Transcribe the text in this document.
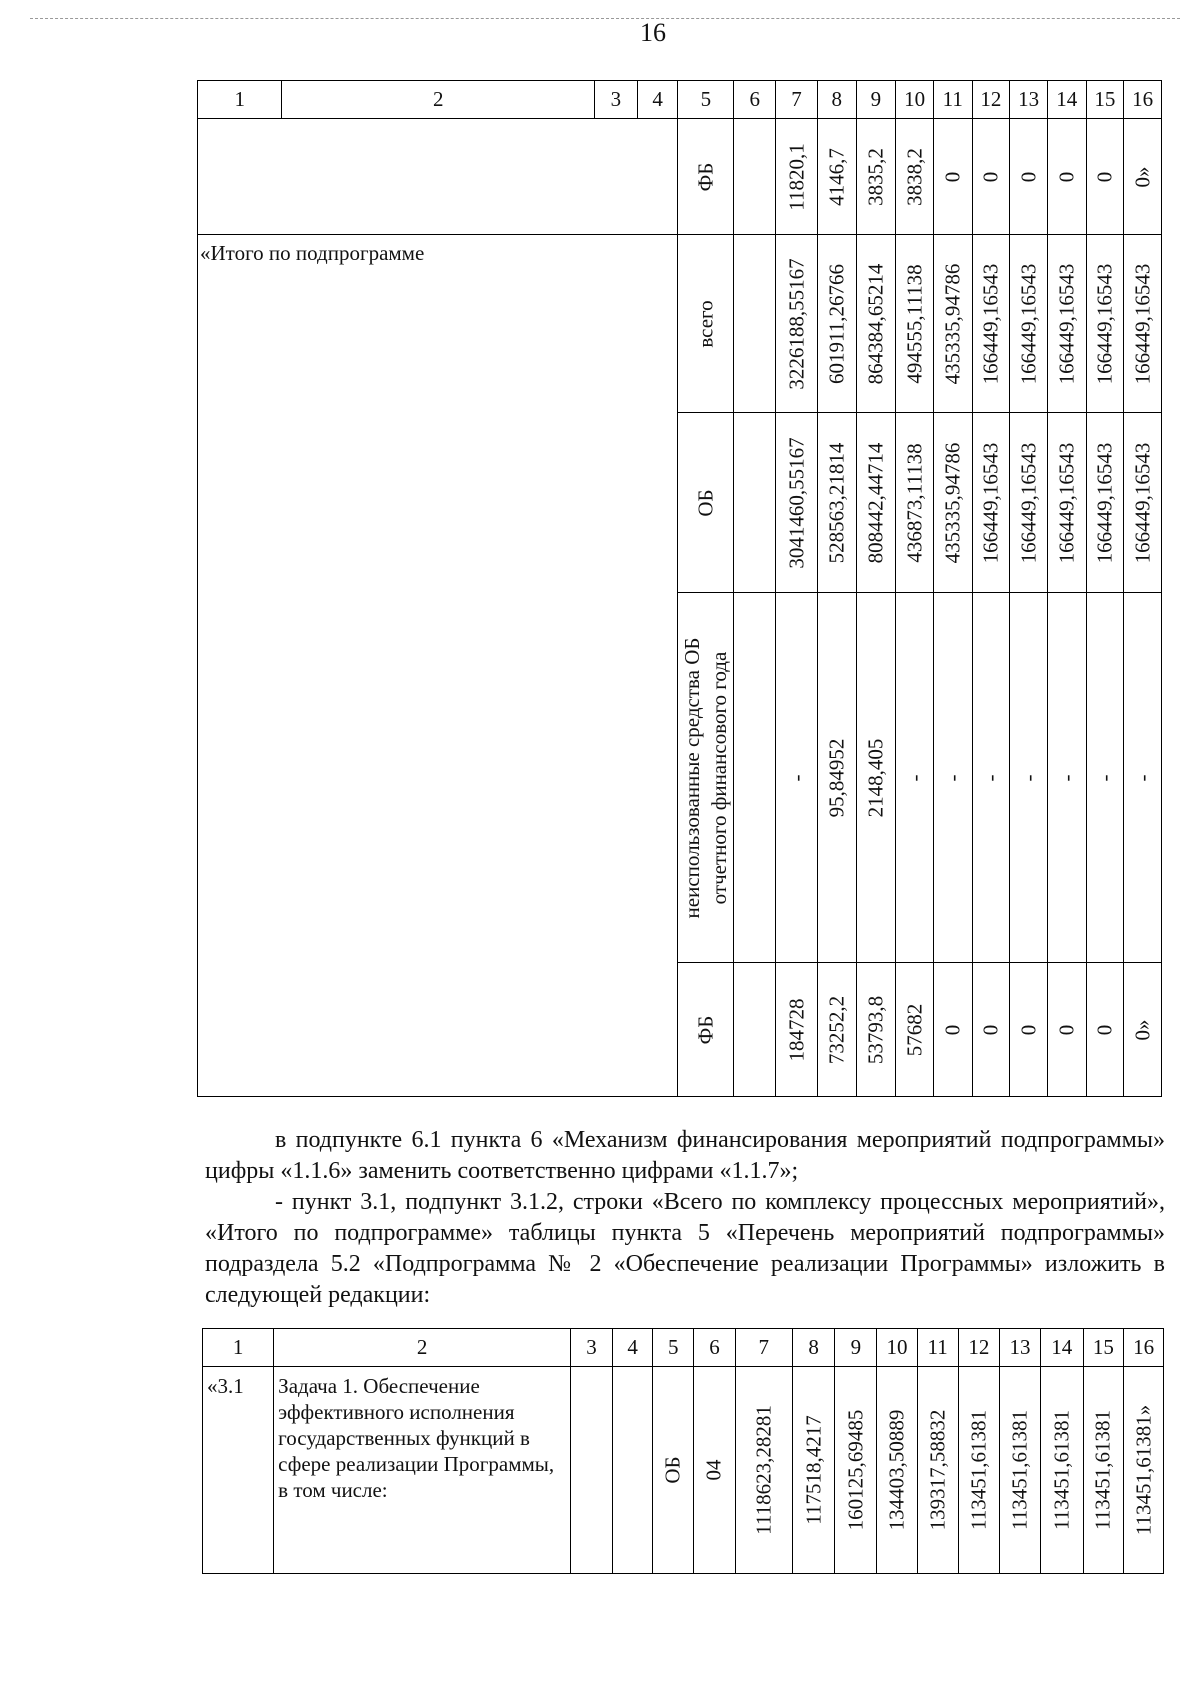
16
1	2	3	4	5	6	7	8	9	10	11	12	13	14	15	16

				ФБ		11820,1	4146,7	3835,2	3838,2	0	0	0	0	0	0»

«Итого по подпрограмме				всего		3226188,55167	601911,26766	864384,65214	494555,11138	435335,94786	166449,16543	166449,16543	166449,16543	166449,16543	166449,16543

				ОБ		3041460,55167	528563,21814	808442,44714	436873,11138	435335,94786	166449,16543	166449,16543	166449,16543	166449,16543	166449,16543

				неиспользованные средства ОБ отчетного финансового года		-	95,84952	2148,405	-	-	-	-	-	-	-

				ФБ		184728	73252,2	53793,8	57682	0	0	0	0	0	0»

в подпункте 6.1 пункта 6 «Механизм финансирования мероприятий подпрограммы» цифры «1.1.6» заменить соответственно цифрами «1.1.7»;

- пункт 3.1, подпункт 3.1.2, строки «Всего по комплексу процессных мероприятий», «Итого по подпрограмме» таблицы пункта 5 «Перечень мероприятий подпрограммы» подраздела 5.2 «Подпрограмма № 2 «Обеспечение реализации Программы» изложить в следующей редакции:

1	2	3	4	5	6	7	8	9	10	11	12	13	14	15	16
«3.1	Задача 1. Обеспечение эффективного исполнения государственных функций в сфере реализации Программы, в том числе:			ОБ	04	1118623,28281	117518,4217	160125,69485	134403,50889	139317,58832	113451,61381	113451,61381	113451,61381	113451,61381	113451,61381»
